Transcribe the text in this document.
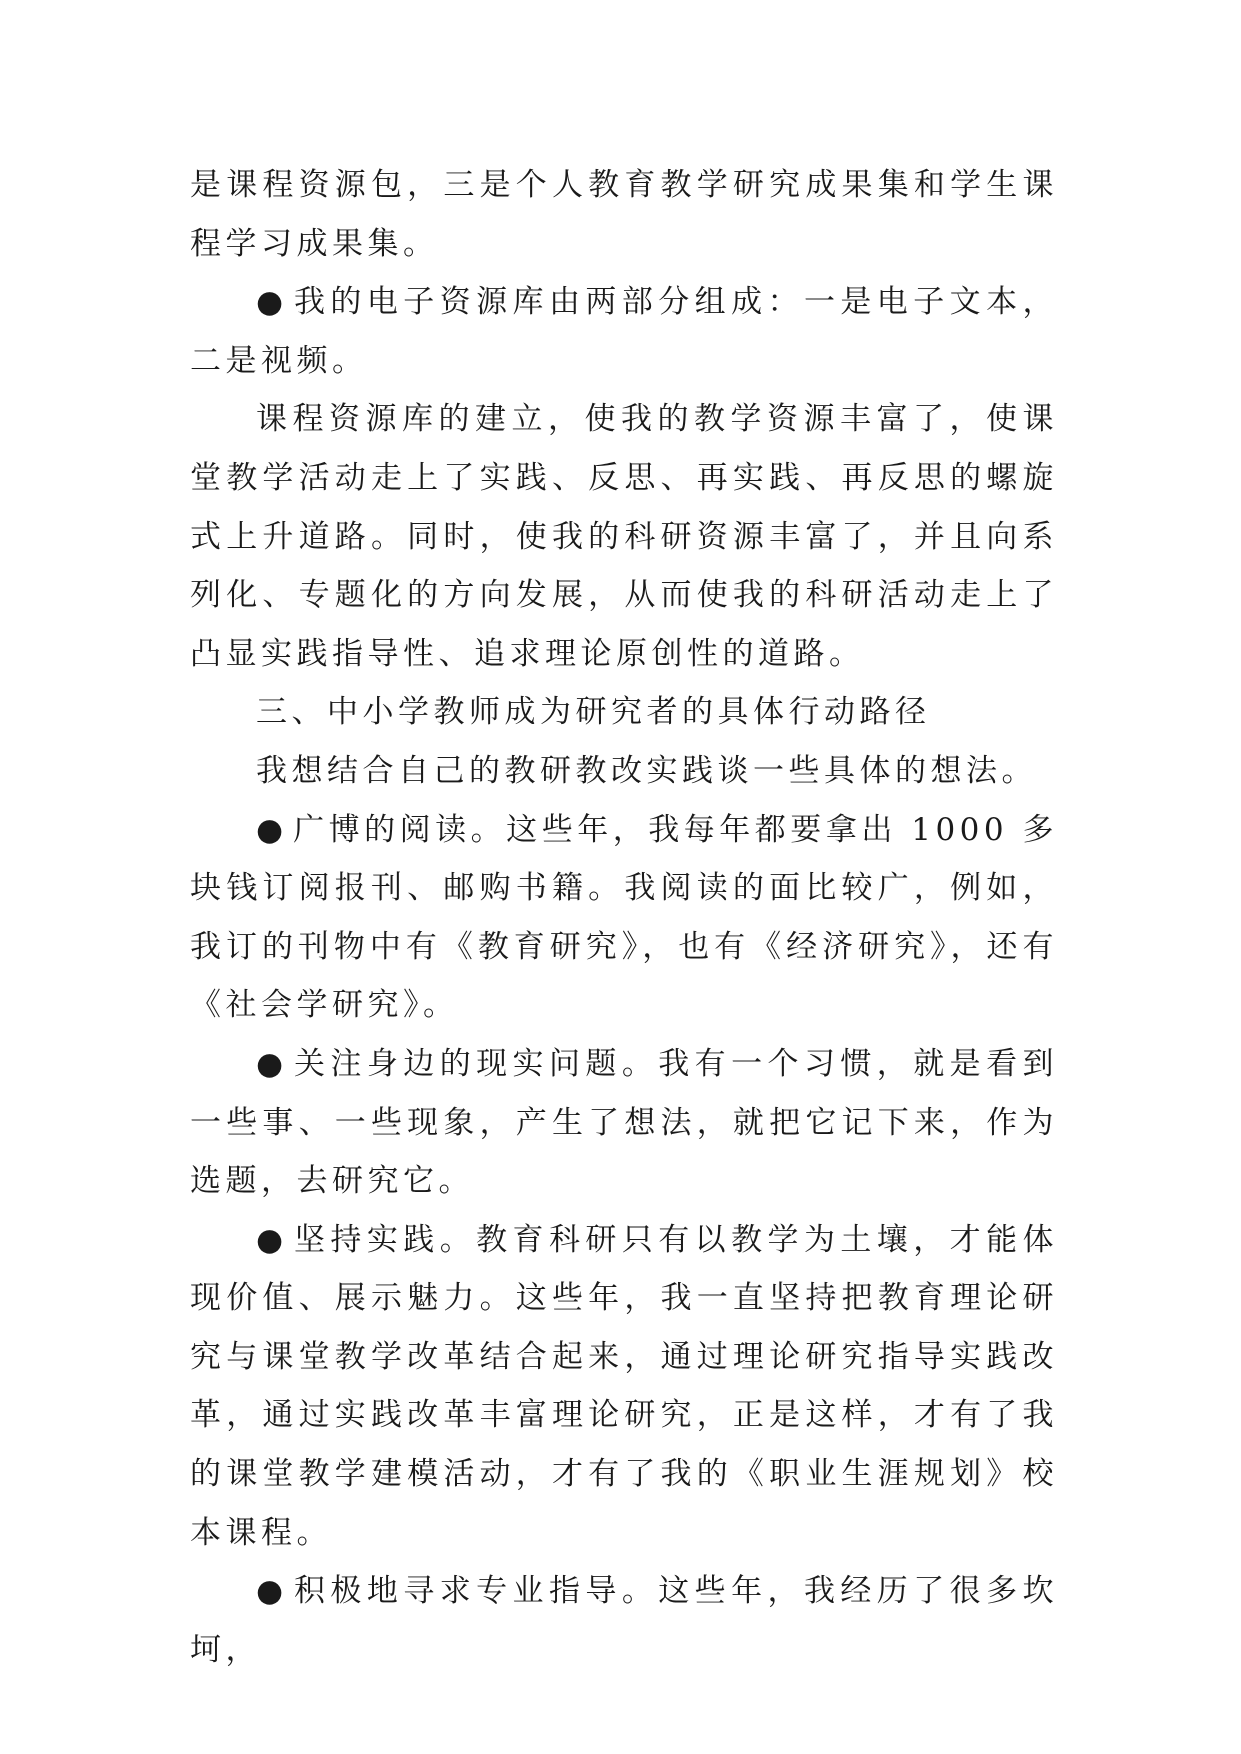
是课程资源包，三是个人教育教学研究成果集和学生课程学习成果集。

● 我的电子资源库由两部分组成：一是电子文本，二是视频。

课程资源库的建立，使我的教学资源丰富了，使课堂教学活动走上了实践、反思、再实践、再反思的螺旋式上升道路。同时，使我的科研资源丰富了，并且向系列化、专题化的方向发展，从而使我的科研活动走上了凸显实践指导性、追求理论原创性的道路。

三、中小学教师成为研究者的具体行动路径

我想结合自己的教研教改实践谈一些具体的想法。

● 广博的阅读。这些年，我每年都要拿出 1000 多块钱订阅报刊、邮购书籍。我阅读的面比较广，例如，我订的刊物中有《教育研究》，也有《经济研究》，还有《社会学研究》。

● 关注身边的现实问题。我有一个习惯，就是看到一些事、一些现象，产生了想法，就把它记下来，作为选题，去研究它。

● 坚持实践。教育科研只有以教学为土壤，才能体现价值、展示魅力。这些年，我一直坚持把教育理论研究与课堂教学改革结合起来，通过理论研究指导实践改革，通过实践改革丰富理论研究，正是这样，才有了我的课堂教学建模活动，才有了我的《职业生涯规划》校本课程。

● 积极地寻求专业指导。这些年，我经历了很多坎坷，
